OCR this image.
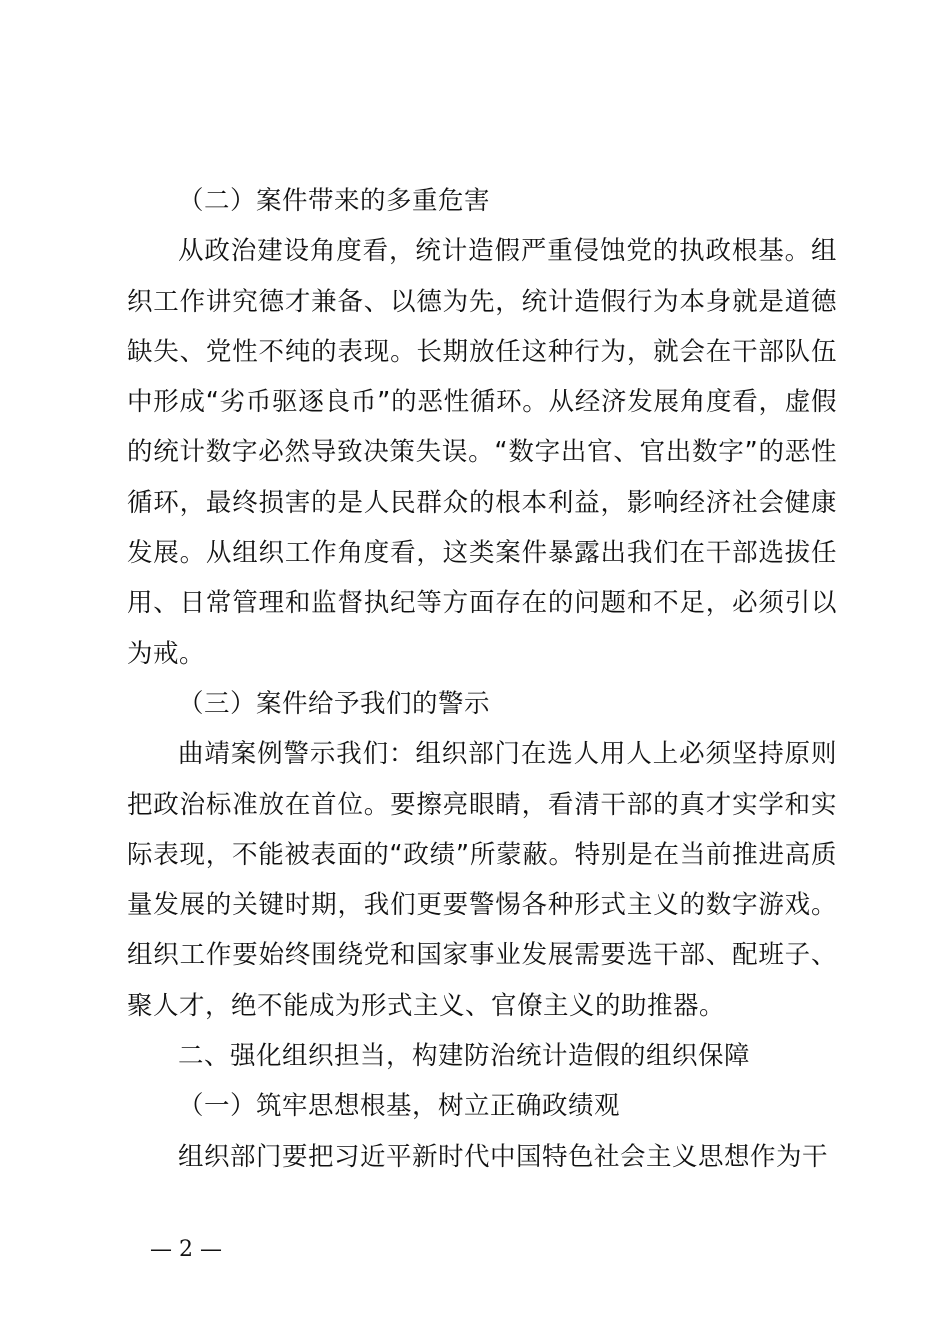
（二）案件带来的多重危害

从政治建设角度看，统计造假严重侵蚀党的执政根基。组织工作讲究德才兼备、以德为先，统计造假行为本身就是道德缺失、党性不纯的表现。长期放任这种行为，就会在干部队伍中形成“劣币驱逐良币”的恶性循环。从经济发展角度看，虚假的统计数字必然导致决策失误。“数字出官、官出数字”的恶性循环，最终损害的是人民群众的根本利益，影响经济社会健康发展。从组织工作角度看，这类案件暴露出我们在干部选拔任用、日常管理和监督执纪等方面存在的问题和不足，必须引以为戒。

（三）案件给予我们的警示

曲靖案例警示我们：组织部门在选人用人上必须坚持原则把政治标准放在首位。要擦亮眼睛，看清干部的真才实学和实际表现，不能被表面的“政绩”所蒙蔽。特别是在当前推进高质量发展的关键时期，我们更要警惕各种形式主义的数字游戏。组织工作要始终围绕党和国家事业发展需要选干部、配班子、聚人才，绝不能成为形式主义、官僚主义的助推器。

二、强化组织担当，构建防治统计造假的组织保障

（一）筑牢思想根基，树立正确政绩观

组织部门要把习近平新时代中国特色社会主义思想作为干

— 2 —
